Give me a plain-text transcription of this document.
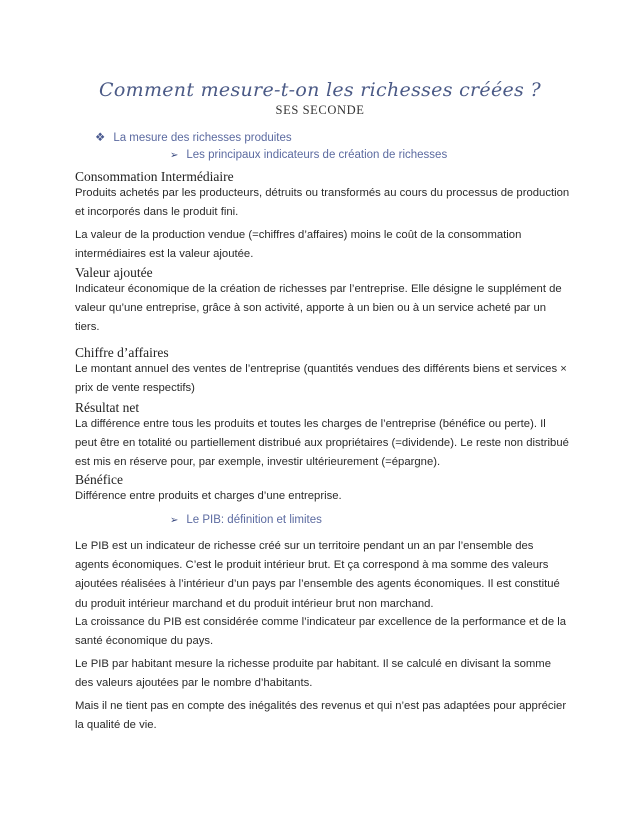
Comment mesure-t-on les richesses créées ?
SES SECONDE
❖ La mesure des richesses produites
➢ Les principaux indicateurs de création de richesses
Consommation Intermédiaire

Produits achetés par les producteurs, détruits ou transformés au cours du processus de production et incorporés dans le produit fini.

La valeur de la production vendue (=chiffres d’affaires) moins le coût de la consommation intermédiaires est la valeur ajoutée.

Valeur ajoutée

Indicateur économique de la création de richesses par l’entreprise. Elle désigne le supplément de valeur qu’une entreprise, grâce à son activité, apporte à un bien ou à un service acheté par un tiers.

Chiffre d’affaires

Le montant annuel des ventes de l’entreprise (quantités vendues des différents biens et services × prix de vente respectifs)

Résultat net

La différence entre tous les produits et toutes les charges de l’entreprise (bénéfice ou perte). Il peut être en totalité ou partiellement distribué aux propriétaires (=dividende). Le reste non distribué est mis en réserve pour, par exemple, investir ultérieurement (=épargne).

Bénéfice

Différence entre produits et charges d’une entreprise.

➢ Le PIB: définition et limites

Le PIB est un indicateur de richesse créé sur un territoire pendant un an par l’ensemble des agents économiques. C’est le produit intérieur brut. Et ça correspond à ma somme des valeurs ajoutées réalisées à l’intérieur d’un pays par l’ensemble des agents économiques. Il est constitué du produit intérieur marchand et du produit intérieur brut non marchand.

La croissance du PIB est considérée comme l’indicateur par excellence de la performance et de la santé économique du pays.

Le PIB par habitant mesure la richesse produite par habitant. Il se calculé en divisant la somme des valeurs ajoutées par le nombre d’habitants.

Mais il ne tient pas en compte des inégalités des revenus et qui n’est pas adaptées pour apprécier la qualité de vie.
